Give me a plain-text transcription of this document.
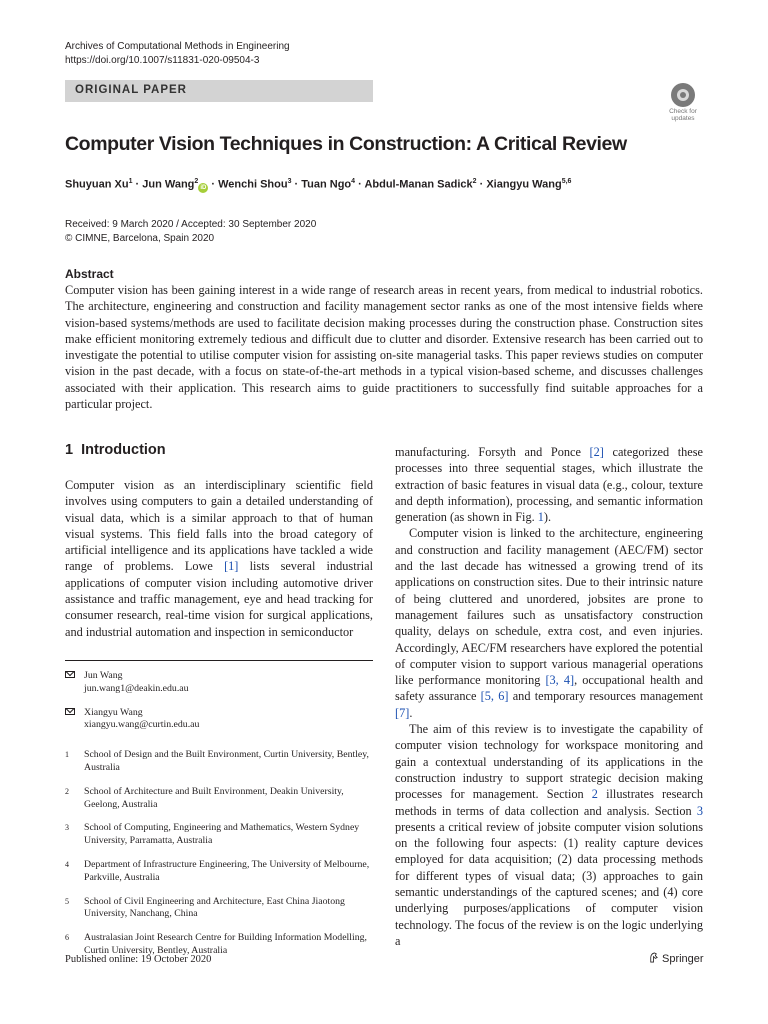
Archives of Computational Methods in Engineering
https://doi.org/10.1007/s11831-020-09504-3
ORIGINAL PAPER
Check for
updates
Computer Vision Techniques in Construction: A Critical Review
Shuyuan $Xu^1$ · Jun Wang$^2$iD · Wenchi Shou$^3$ · Tuan Ngo$^4$ · Abdul-Manan Sadick$^2$ · Xiangyu Wang$^{5,6}$
Received: 9 March 2020 / Accepted: 30 September 2020
© CIMNE, Barcelona, Spain 2020
Abstract
Computer vision has been gaining interest in a wide range of research areas in recent years, from medical to industrial robotics. The architecture, engineering and construction and facility management sector ranks as one of the most intensive fields where vision-based systems/methods are used to facilitate decision making processes during the construction phase. Construction sites make efficient monitoring extremely tedious and difficult due to clutter and disorder. Extensive research has been carried out to investigate the potential to utilise computer vision for assisting on-site managerial tasks. This paper reviews studies on computer vision in the past decade, with a focus on state-of-the-art methods in a typical vision-based scheme, and discusses challenges associated with their application. This research aims to guide practitioners to successfully find suitable approaches for a particular project.
1 Introduction

Computer vision as an interdisciplinary scientific field involves using computers to gain a detailed understanding of visual data, which is a similar approach to that of human visual systems. This field falls into the broad category of artificial intelligence and its applications have tackled a wide range of problems. Lowe [1] lists several industrial applications of computer vision including automotive driver assistance and traffic management, eye and head tracking for consumer research, real-time vision for surgical applications, and industrial automation and inspection in semiconductor

manufacturing. Forsyth and Ponce [2] categorized these processes into three sequential stages, which illustrate the extraction of basic features in visual data (e.g., colour, texture and depth information), processing, and semantic information generation (as shown in Fig. 1).

Computer vision is linked to the architecture, engineering and construction and facility management (AEC/FM) sector and the last decade has witnessed a growing trend of its applications on construction sites. Due to their intrinsic nature of being cluttered and unordered, jobsites are prone to management failures such as unsatisfactory construction quality, delays on schedule, extra cost, and even injuries. Accordingly, AEC/FM researchers have explored the potential of computer vision to support various managerial operations like performance monitoring [3, 4], occupational health and safety assurance [5, 6] and temporary resources management [7].

The aim of this review is to investigate the capability of computer vision technology for workspace monitoring and gain a contextual understanding of its applications in the construction industry to support strategic decision making processes for management. Section 2 illustrates research methods in terms of data collection and analysis. Section 3 presents a critical review of jobsite computer vision solutions on the following four aspects: (1) reality capture devices employed for data acquisition; (2) data processing methods for different types of visual data; (3) approaches to gain semantic understandings of the captured scenes; and (4) core underlying purposes/applications of computer vision technology. The focus of the review is on the logic underlying a

Jun Wang
jun.wang1@deakin.edu.au
Xiangyu Wang
xiangyu.wang@curtin.edu.au
1 School of Design and the Built Environment, Curtin University, Bentley, Australia
2 School of Architecture and Built Environment, Deakin University, Geelong, Australia
3 School of Computing, Engineering and Mathematics, Western Sydney University, Parramatta, Australia
4 Department of Infrastructure Engineering, The University of Melbourne, Parkville, Australia
5 School of Civil Engineering and Architecture, East China Jiaotong University, Nanchang, China
6 Australasian Joint Research Centre for Building Information Modelling, Curtin University, Bentley, Australia
Published online: 19 October 2020	Springer
